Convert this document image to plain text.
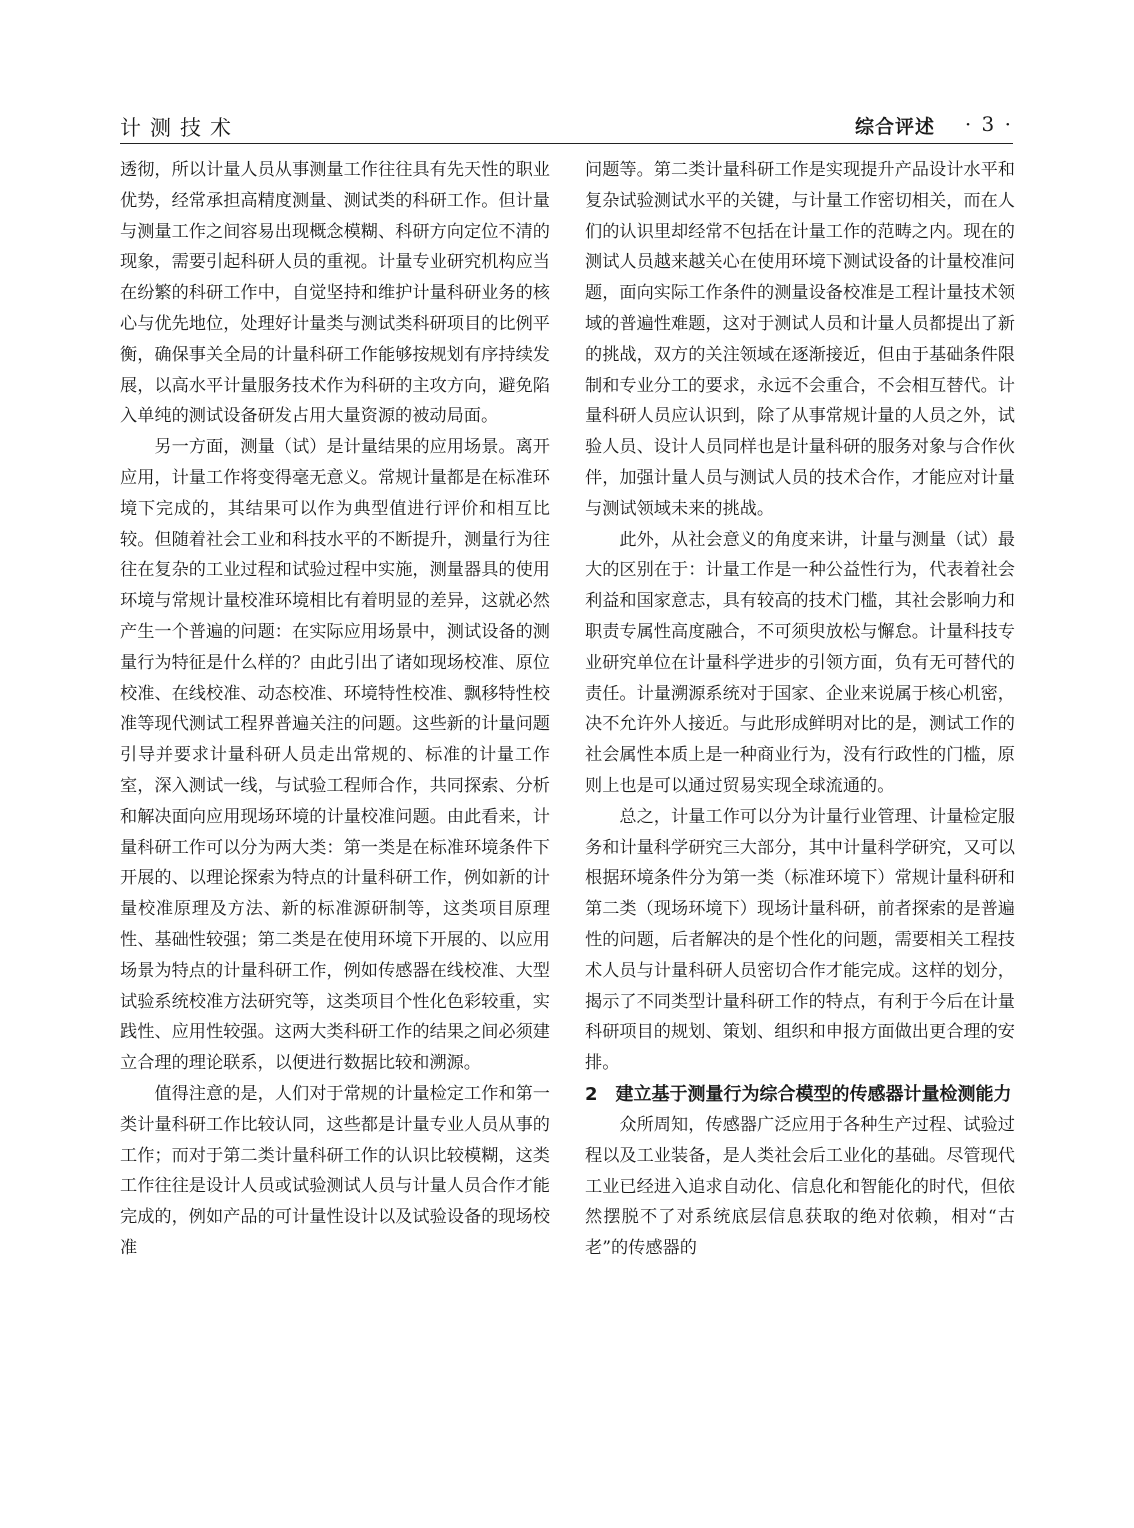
计测技术	综合评述 · 3 ·

透彻，所以计量人员从事测量工作往往具有先天性的职业优势，经常承担高精度测量、测试类的科研工作。但计量与测量工作之间容易出现概念模糊、科研方向定位不清的现象，需要引起科研人员的重视。计量专业研究机构应当在纷繁的科研工作中，自觉坚持和维护计量科研业务的核心与优先地位，处理好计量类与测试类科研项目的比例平衡，确保事关全局的计量科研工作能够按规划有序持续发展，以高水平计量服务技术作为科研的主攻方向，避免陷入单纯的测试设备研发占用大量资源的被动局面。

另一方面，测量（试）是计量结果的应用场景。离开应用，计量工作将变得毫无意义。常规计量都是在标准环境下完成的，其结果可以作为典型值进行评价和相互比较。但随着社会工业和科技水平的不断提升，测量行为往往在复杂的工业过程和试验过程中实施，测量器具的使用环境与常规计量校准环境相比有着明显的差异，这就必然产生一个普遍的问题：在实际应用场景中，测试设备的测量行为特征是什么样的？由此引出了诸如现场校准、原位校准、在线校准、动态校准、环境特性校准、飘移特性校准等现代测试工程界普遍关注的问题。这些新的计量问题引导并要求计量科研人员走出常规的、标准的计量工作室，深入测试一线，与试验工程师合作，共同探索、分析和解决面向应用现场环境的计量校准问题。由此看来，计量科研工作可以分为两大类：第一类是在标准环境条件下开展的、以理论探索为特点的计量科研工作，例如新的计量校准原理及方法、新的标准源研制等，这类项目原理性、基础性较强；第二类是在使用环境下开展的、以应用场景为特点的计量科研工作，例如传感器在线校准、大型试验系统校准方法研究等，这类项目个性化色彩较重，实践性、应用性较强。这两大类科研工作的结果之间必须建立合理的理论联系，以便进行数据比较和溯源。

值得注意的是，人们对于常规的计量检定工作和第一类计量科研工作比较认同，这些都是计量专业人员从事的工作；而对于第二类计量科研工作的认识比较模糊，这类工作往往是设计人员或试验测试人员与计量人员合作才能完成的，例如产品的可计量性设计以及试验设备的现场校准

问题等。第二类计量科研工作是实现提升产品设计水平和复杂试验测试水平的关键，与计量工作密切相关，而在人们的认识里却经常不包括在计量工作的范畴之内。现在的测试人员越来越关心在使用环境下测试设备的计量校准问题，面向实际工作条件的测量设备校准是工程计量技术领域的普遍性难题，这对于测试人员和计量人员都提出了新的挑战，双方的关注领域在逐渐接近，但由于基础条件限制和专业分工的要求，永远不会重合，不会相互替代。计量科研人员应认识到，除了从事常规计量的人员之外，试验人员、设计人员同样也是计量科研的服务对象与合作伙伴，加强计量人员与测试人员的技术合作，才能应对计量与测试领域未来的挑战。

此外，从社会意义的角度来讲，计量与测量（试）最大的区别在于：计量工作是一种公益性行为，代表着社会利益和国家意志，具有较高的技术门槛，其社会影响力和职责专属性高度融合，不可须臾放松与懈怠。计量科技专业研究单位在计量科学进步的引领方面，负有无可替代的责任。计量溯源系统对于国家、企业来说属于核心机密，决不允许外人接近。与此形成鲜明对比的是，测试工作的社会属性本质上是一种商业行为，没有行政性的门槛，原则上也是可以通过贸易实现全球流通的。

总之，计量工作可以分为计量行业管理、计量检定服务和计量科学研究三大部分，其中计量科学研究，又可以根据环境条件分为第一类（标准环境下）常规计量科研和第二类（现场环境下）现场计量科研，前者探索的是普遍性的问题，后者解决的是个性化的问题，需要相关工程技术人员与计量科研人员密切合作才能完成。这样的划分，揭示了不同类型计量科研工作的特点，有利于今后在计量科研项目的规划、策划、组织和申报方面做出更合理的安排。

2 建立基于测量行为综合模型的传感器计量检测能力

众所周知，传感器广泛应用于各种生产过程、试验过程以及工业装备，是人类社会后工业化的基础。尽管现代工业已经进入追求自动化、信息化和智能化的时代，但依然摆脱不了对系统底层信息获取的绝对依赖，相对“古老”的传感器的
